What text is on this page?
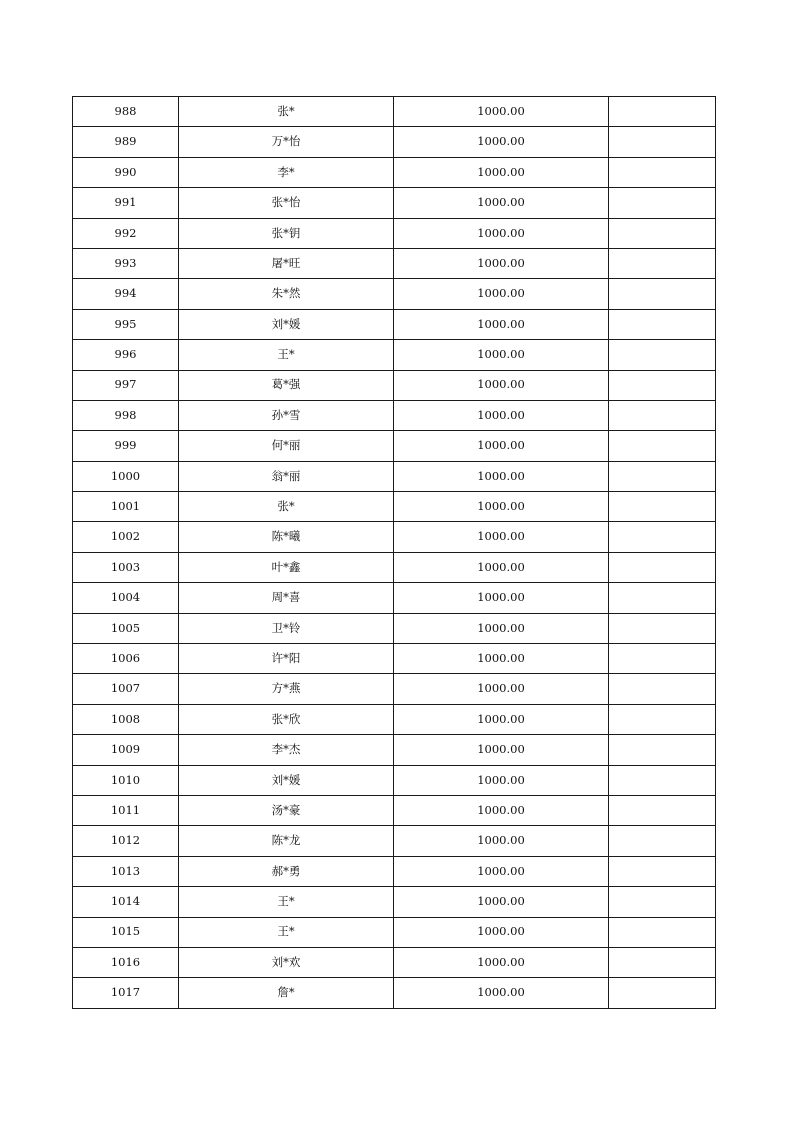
988	张*	1000.00	
989	万*怡	1000.00	
990	李*	1000.00	
991	张*怡	1000.00	
992	张*钥	1000.00	
993	屠*旺	1000.00	
994	朱*然	1000.00	
995	刘*媛	1000.00	
996	王*	1000.00	
997	葛*强	1000.00	
998	孙*雪	1000.00	
999	何*丽	1000.00	
1000	翁*丽	1000.00	
1001	张*	1000.00	
1002	陈*曦	1000.00	
1003	叶*鑫	1000.00	
1004	周*喜	1000.00	
1005	卫*铃	1000.00	
1006	许*阳	1000.00	
1007	方*燕	1000.00	
1008	张*欣	1000.00	
1009	李*杰	1000.00	
1010	刘*媛	1000.00	
1011	汤*豪	1000.00	
1012	陈*龙	1000.00	
1013	郝*勇	1000.00	
1014	王*	1000.00	
1015	王*	1000.00	
1016	刘*欢	1000.00	
1017	詹*	1000.00	
